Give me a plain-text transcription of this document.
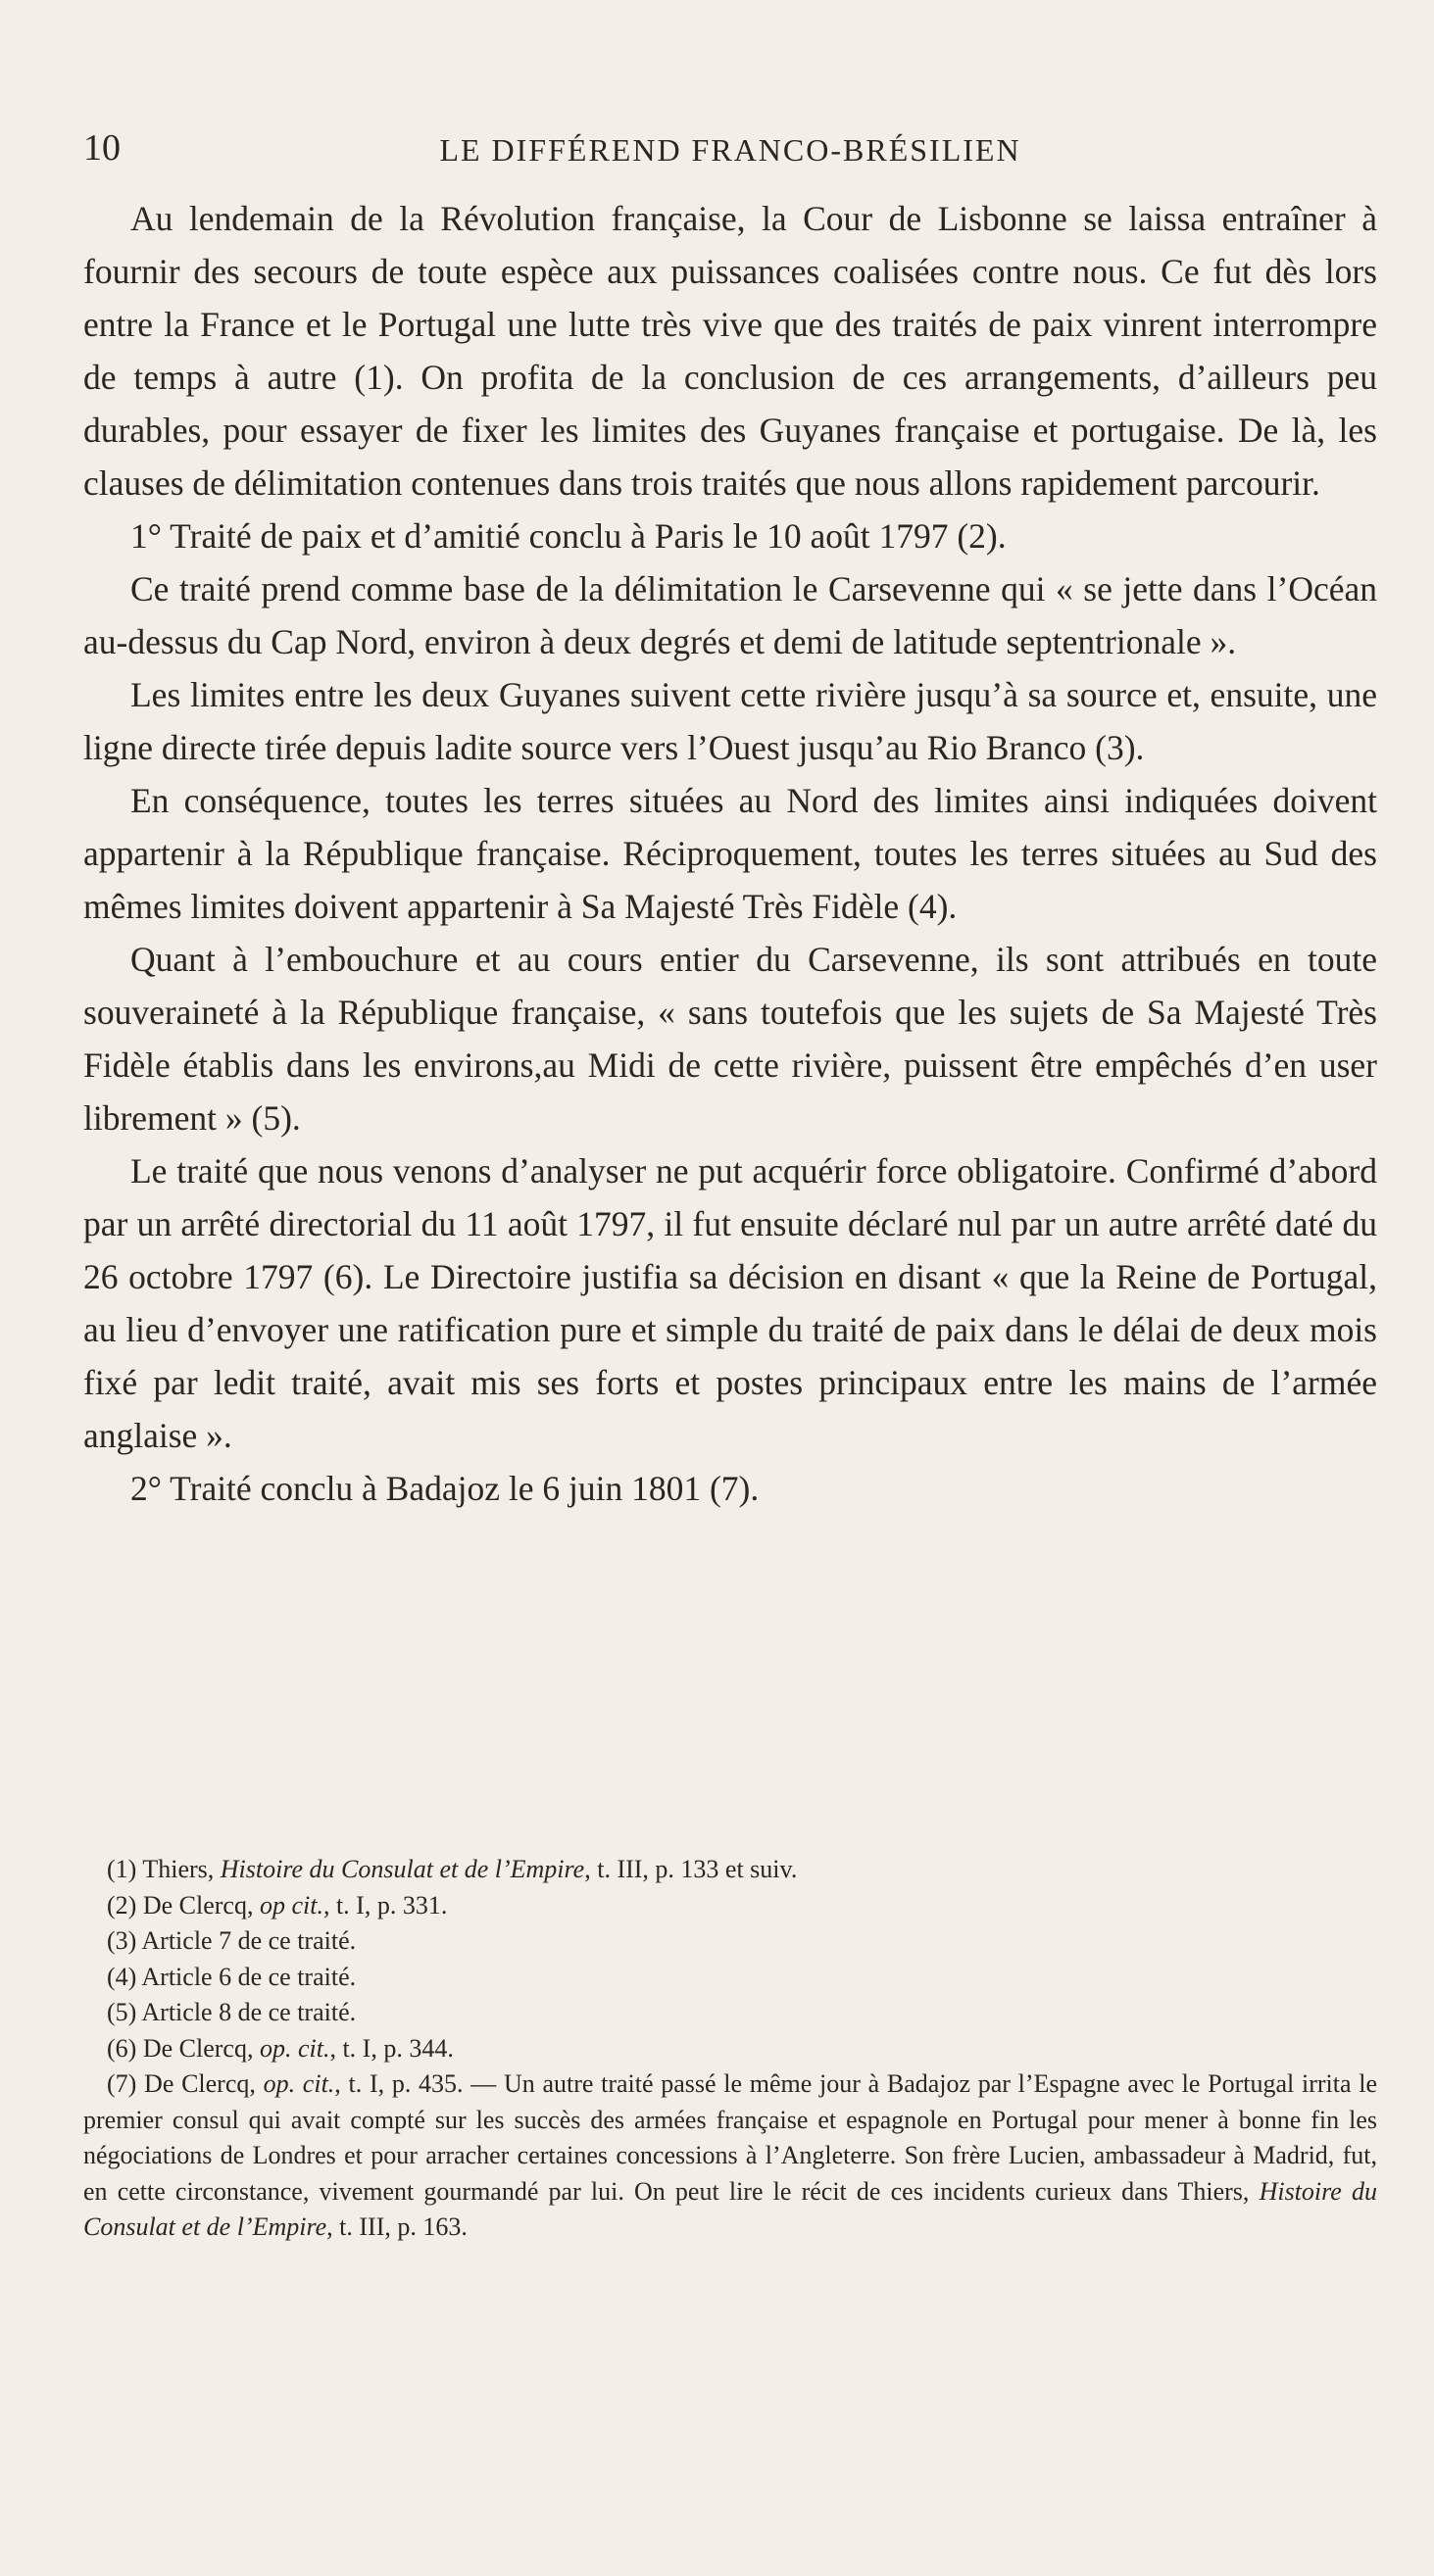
10	LE DIFFÉREND FRANCO-BRÉSILIEN

Au lendemain de la Révolution française, la Cour de Lisbonne se laissa entraîner à fournir des secours de toute espèce aux puissances coalisées contre nous. Ce fut dès lors entre la France et le Portugal une lutte très vive que des traités de paix vinrent interrompre de temps à autre (1). On profita de la conclusion de ces arrangements, d’ailleurs peu durables, pour essayer de fixer les limites des Guyanes française et portugaise. De là, les clauses de délimitation contenues dans trois traités que nous allons rapidement parcourir.

1° Traité de paix et d’amitié conclu à Paris le 10 août 1797 (2).

Ce traité prend comme base de la délimitation le Carsevenne qui « se jette dans l’Océan au-dessus du Cap Nord, environ à deux degrés et demi de latitude septentrionale ».

Les limites entre les deux Guyanes suivent cette rivière jusqu’à sa source et, ensuite, une ligne directe tirée depuis ladite source vers l’Ouest jusqu’au Rio Branco (3).

En conséquence, toutes les terres situées au Nord des limites ainsi indiquées doivent appartenir à la République française. Réciproquement, toutes les terres situées au Sud des mêmes limites doivent appartenir à Sa Majesté Très Fidèle (4).

Quant à l’embouchure et au cours entier du Carsevenne, ils sont attribués en toute souveraineté à la République française, « sans toutefois que les sujets de Sa Majesté Très Fidèle établis dans les environs,au Midi de cette rivière, puissent être empêchés d’en user librement » (5).

Le traité que nous venons d’analyser ne put acquérir force obligatoire. Confirmé d’abord par un arrêté directorial du 11 août 1797, il fut ensuite déclaré nul par un autre arrêté daté du 26 octobre 1797 (6). Le Directoire justifia sa décision en disant « que la Reine de Portugal, au lieu d’envoyer une ratification pure et simple du traité de paix dans le délai de deux mois fixé par ledit traité, avait mis ses forts et postes principaux entre les mains de l’armée anglaise ».

2° Traité conclu à Badajoz le 6 juin 1801 (7).

(1) Thiers, Histoire du Consulat et de l’Empire, t. III, p. 133 et suiv.

(2) De Clercq, op cit., t. I, p. 331.

(3) Article 7 de ce traité.

(4) Article 6 de ce traité.

(5) Article 8 de ce traité.

(6) De Clercq, op. cit., t. I, p. 344.

(7) De Clercq, op. cit., t. I, p. 435. — Un autre traité passé le même jour à Badajoz par l’Espagne avec le Portugal irrita le premier consul qui avait compté sur les succès des armées française et espagnole en Portugal pour mener à bonne fin les négociations de Londres et pour arracher certaines concessions à l’Angleterre. Son frère Lucien, ambassadeur à Madrid, fut, en cette circonstance, vivement gourmandé par lui. On peut lire le récit de ces incidents curieux dans Thiers, Histoire du Consulat et de l’Empire, t. III, p. 163.
